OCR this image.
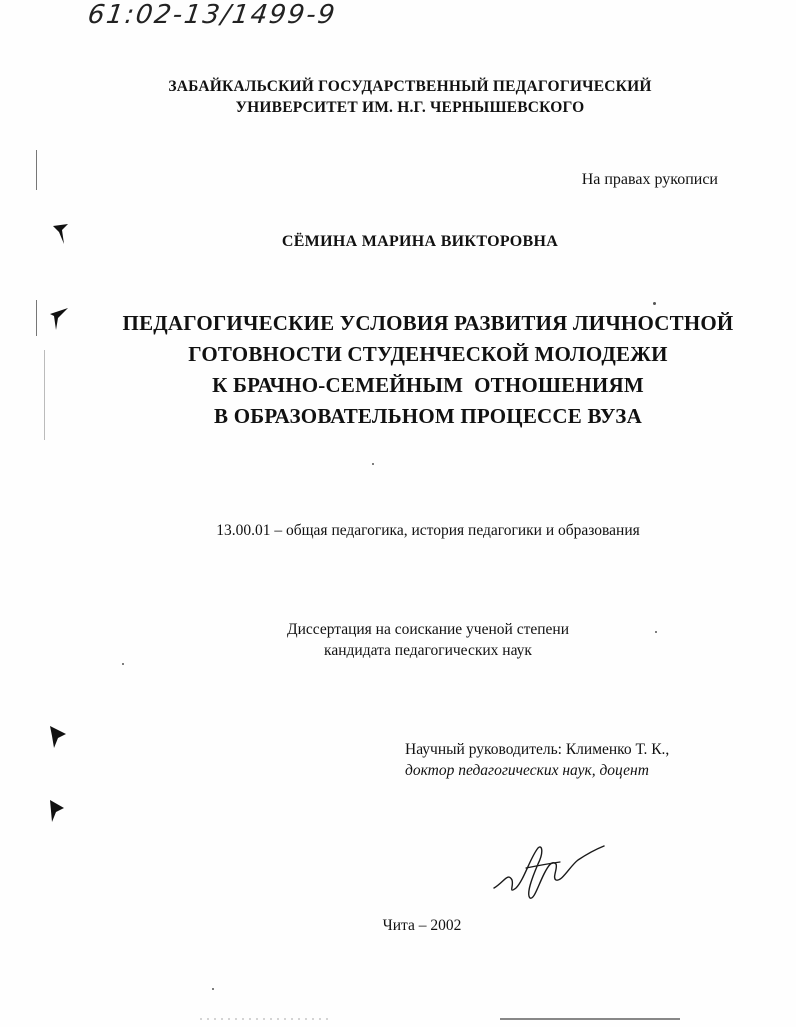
61:02-13/1499-9
ЗАБАЙКАЛЬСКИЙ ГОСУДАРСТВЕННЫЙ ПЕДАГОГИЧЕСКИЙ
УНИВЕРСИТЕТ ИМ. Н.Г. ЧЕРНЫШЕВСКОГО
На правах рукописи
СЁМИНА МАРИНА ВИКТОРОВНА
ПЕДАГОГИЧЕСКИЕ УСЛОВИЯ РАЗВИТИЯ ЛИЧНОСТНОЙ
ГОТОВНОСТИ СТУДЕНЧЕСКОЙ МОЛОДЕЖИ
К БРАЧНО-СЕМЕЙНЫМ  ОТНОШЕНИЯМ
В ОБРАЗОВАТЕЛЬНОМ ПРОЦЕССЕ ВУЗА
13.00.01 – общая педагогика, история педагогики и образования
Диссертация на соискание ученой степени
кандидата педагогических наук
Научный руководитель: Клименко Т. К.,
доктор педагогических наук, доцент
Чита – 2002
